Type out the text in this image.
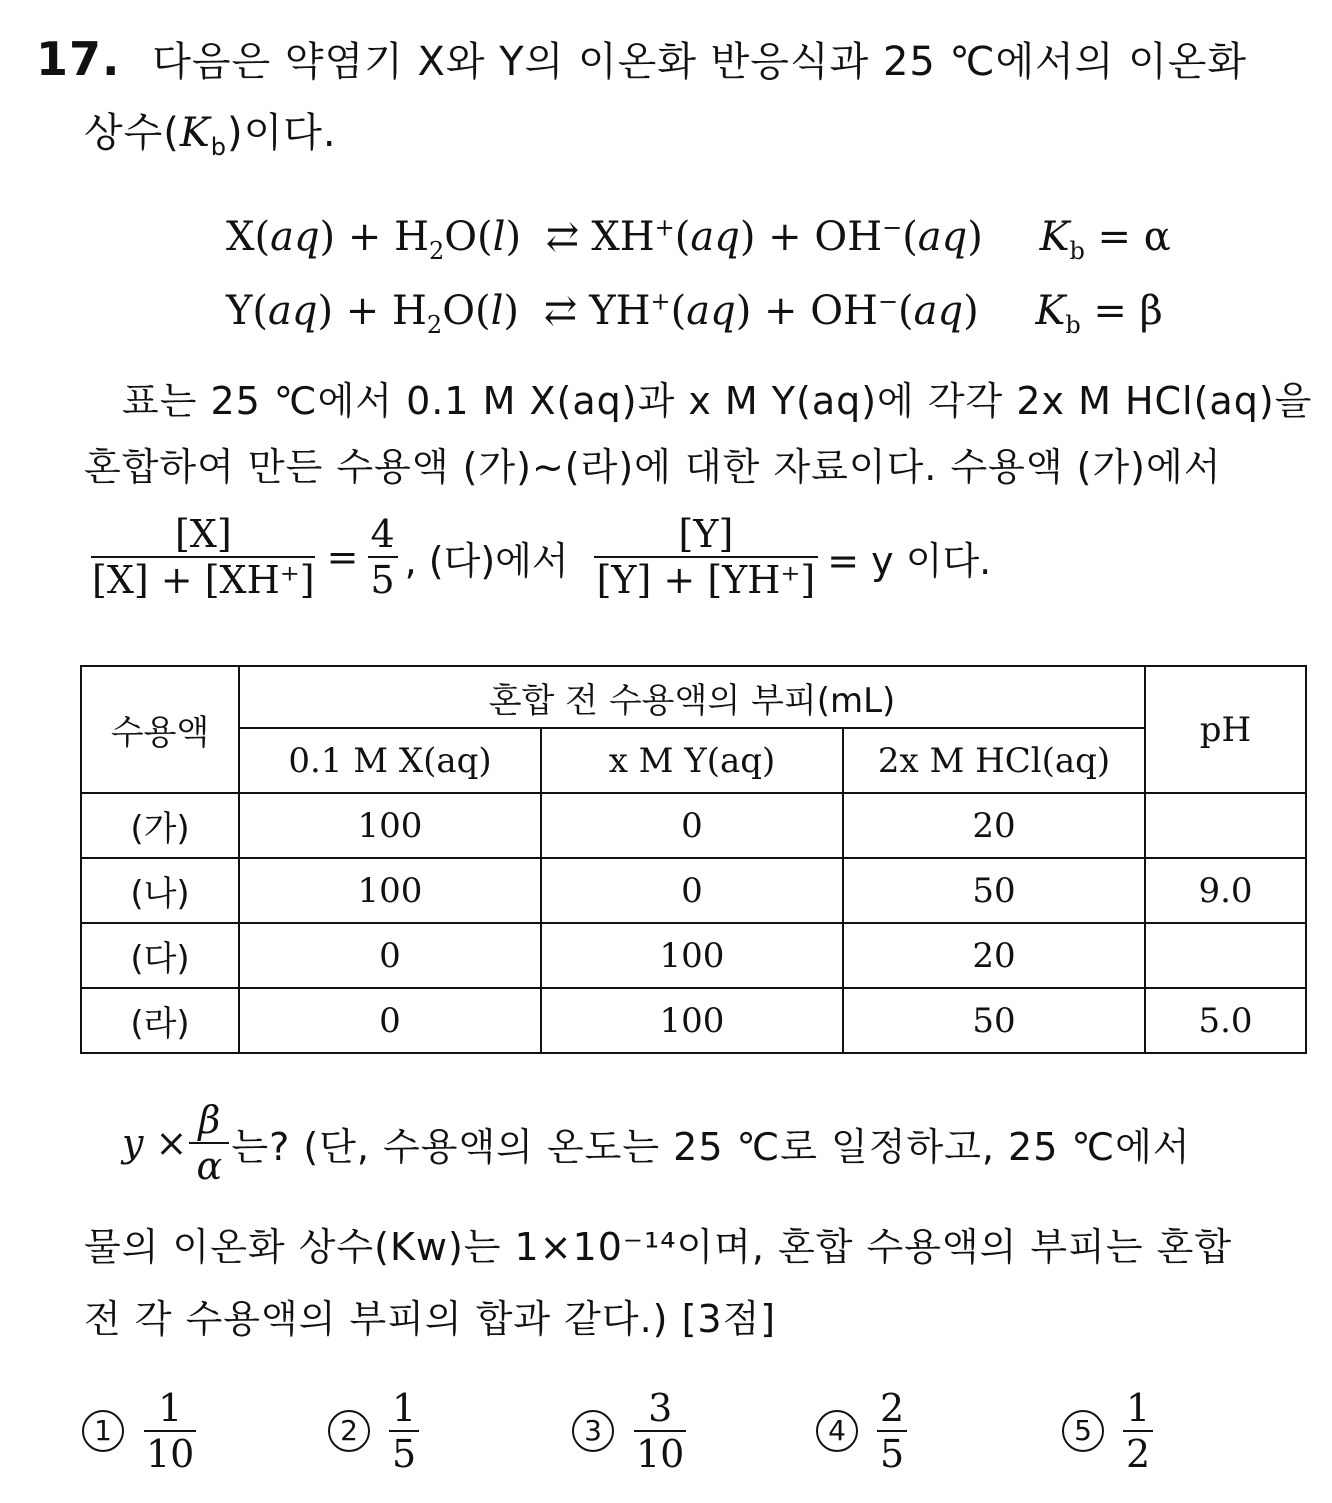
17. 다음은 약염기 X와 Y의 이온화 반응식과 25 ℃에서의 이온화
상수$(K_b)$이다.
$X(aq) + H_2O(l)$ ⇄ XH+(aq) + OH−(aq) $K_b = \alpha$
$Y(aq) + H_2O(l)$ ⇄ YH+(aq) + OH−(aq) $K_b = \beta$
표는 25 ℃에서 0.1 M X(aq)과 x M Y(aq)에 각각 2x M HCl(aq)을
혼합하여 만든 수용액 (가)~(라)에 대한 자료이다. 수용액 (가)에서
$\frac{[X]}{[X] + [XH^+]} = \frac{4}{5}$ , (다)에서 $\frac{[Y]}{[Y] + [YH^+]} = y$ 이다.
수용액	혼합 전 수용액의 부피(mL)			pH
	0.1 M X(aq)	x M Y(aq)	2x M HCl(aq)	
(가)	100	0	20	
(나)	100	0	50	9.0
(다)	0	100	20	
(라)	0	100	50	5.0
$y \times \frac{\beta}{\alpha}$ 는? (단, 수용액의 온도는 25 ℃로 일정하고, 25 ℃에서
물의 이온화 상수(Kw)는 1×10⁻¹⁴이며, 혼합 수용액의 부피는 혼합
전 각 수용액의 부피의 합과 같다.) [3점]
$1 \frac{1}{10}$	$2 \frac{1}{5}$	$3 \frac{3}{10}$	$4 \frac{2}{5}$	$5 \frac{1}{2}$
